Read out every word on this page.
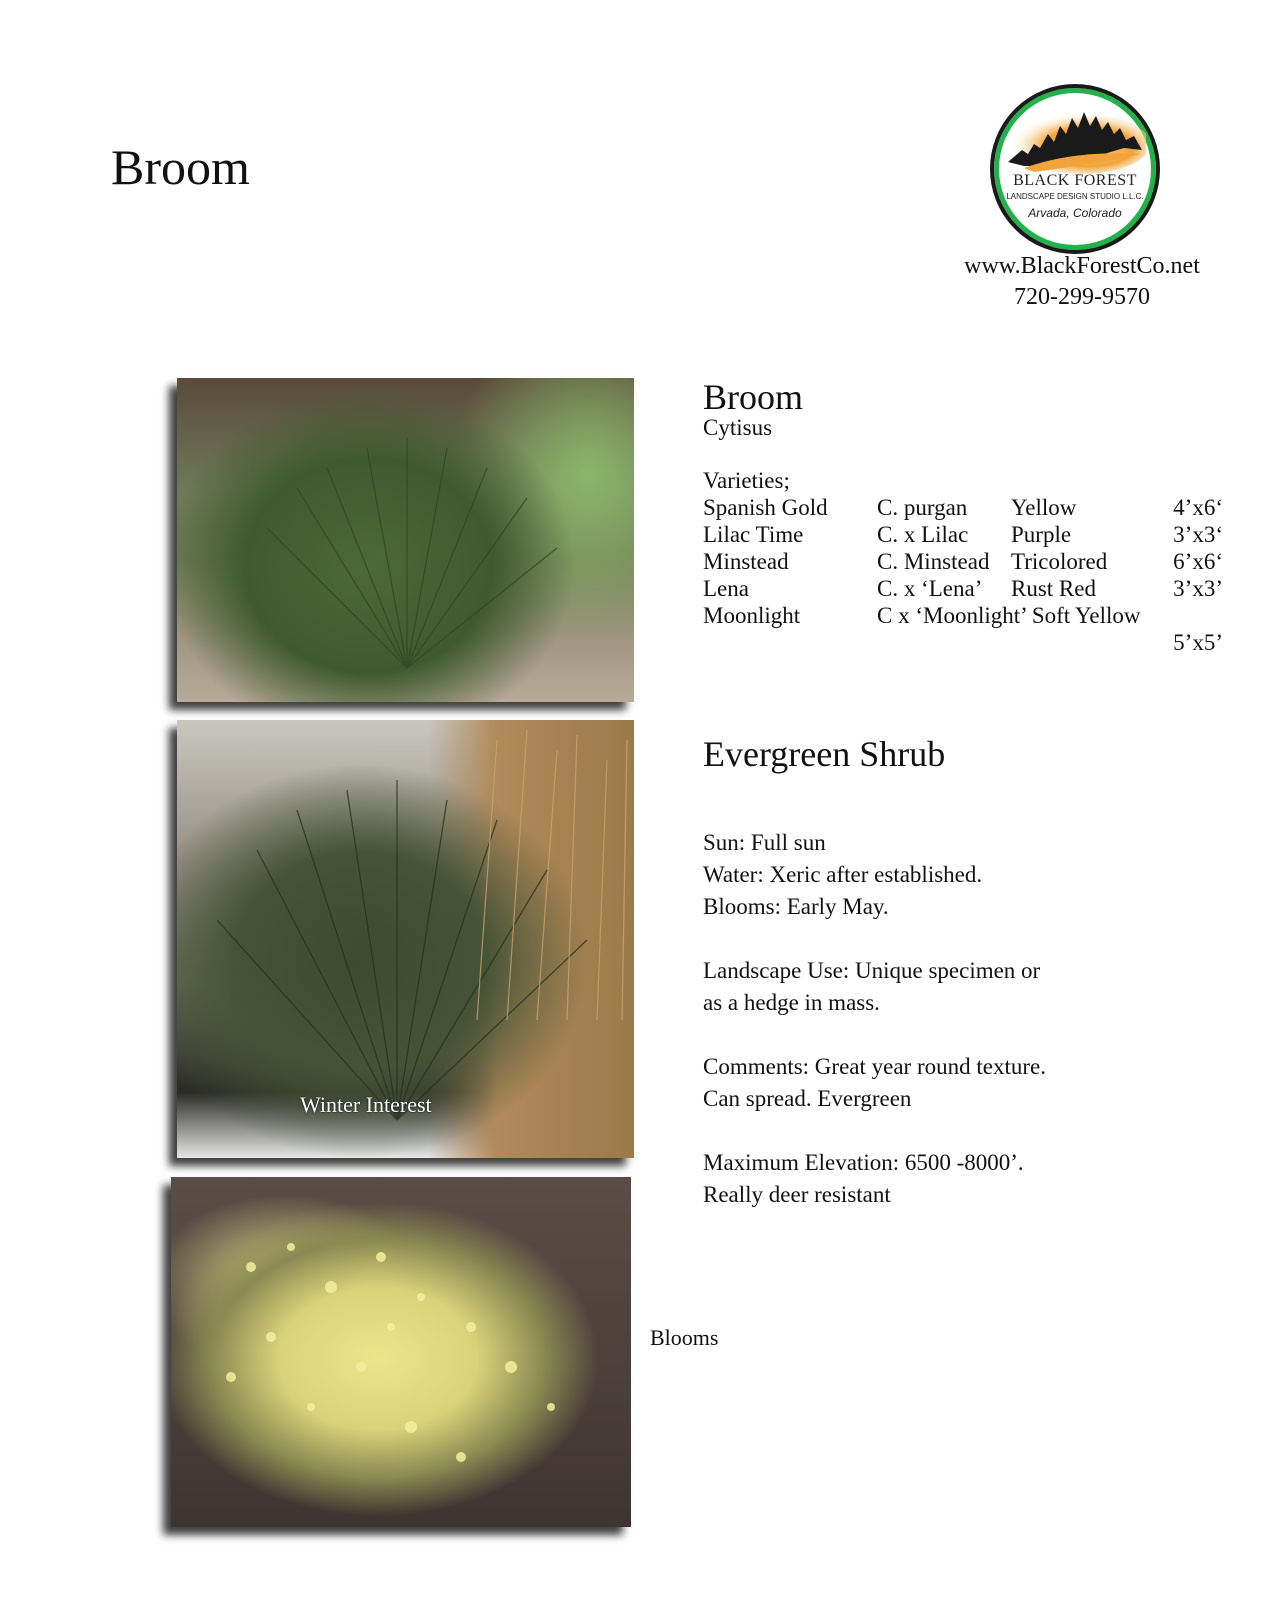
Broom	BLACK FOREST
LANDSCAPE DESIGN STUDIO L.L.C.
Arvada, Colorado
www.BlackForestCo.net
720-299-9570
Winter Interest
Blooms
Broom
Cytisus
Varieties;
Spanish Gold	C. purgan	Yellow	4’x6‘
Lilac Time	C. x Lilac	Purple	3’x3‘
Minstead	C. Minstead	Tricolored	6’x6‘
Lena	C. x ‘Lena’	Rust Red	3’x3’
Moonlight	C x ‘Moonlight’ Soft Yellow		
			5’x5’
Evergreen Shrub
Sun: Full sun
Water: Xeric after established.
Blooms: Early May.
Landscape Use: Unique specimen or
as a hedge in mass.
Comments: Great year round texture.
Can spread. Evergreen
Maximum Elevation: 6500 -8000’.
Really deer resistant
